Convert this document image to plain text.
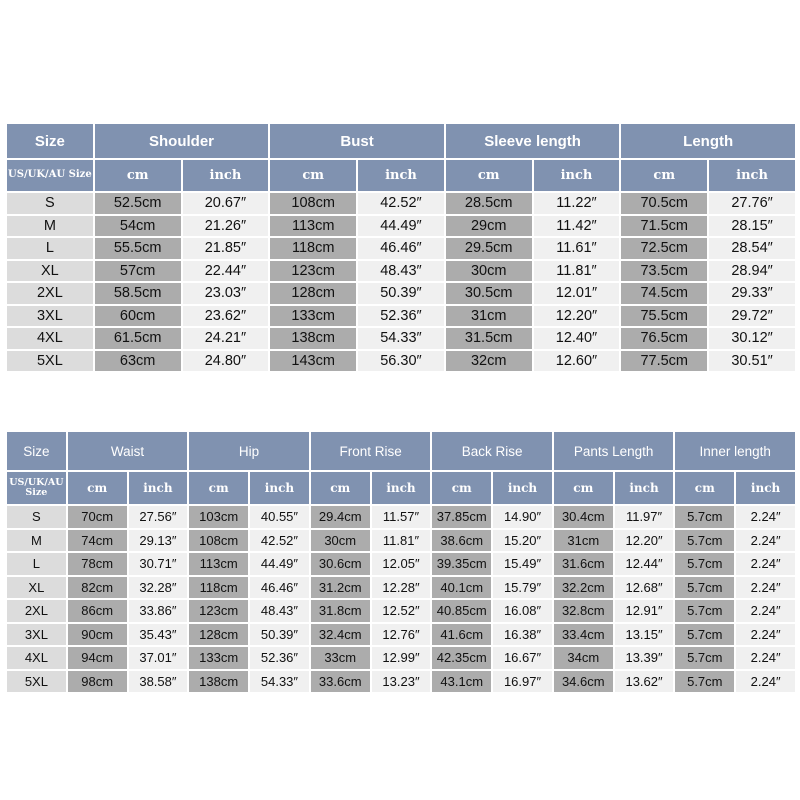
Size	Shoulder		Bust		Sleeve length		Length	
US/UK/AU Size	cm	inch	cm	inch	cm	inch	cm	inch
S	52.5cm	20.67″	108cm	42.52″	28.5cm	11.22″	70.5cm	27.76″
M	54cm	21.26″	113cm	44.49″	29cm	11.42″	71.5cm	28.15″
L	55.5cm	21.85″	118cm	46.46″	29.5cm	11.61″	72.5cm	28.54″
XL	57cm	22.44″	123cm	48.43″	30cm	11.81″	73.5cm	28.94″
2XL	58.5cm	23.03″	128cm	50.39″	30.5cm	12.01″	74.5cm	29.33″
3XL	60cm	23.62″	133cm	52.36″	31cm	12.20″	75.5cm	29.72″
4XL	61.5cm	24.21″	138cm	54.33″	31.5cm	12.40″	76.5cm	30.12″
5XL	63cm	24.80″	143cm	56.30″	32cm	12.60″	77.5cm	30.51″
Size	Waist		Hip		Front Rise		Back Rise		Pants Length		Inner length	
US/UK/AU Size	cm	inch	cm	inch	cm	inch	cm	inch	cm	inch	cm	inch
S	70cm	27.56″	103cm	40.55″	29.4cm	11.57″	37.85cm	14.90″	30.4cm	11.97″	5.7cm	2.24″
M	74cm	29.13″	108cm	42.52″	30cm	11.81″	38.6cm	15.20″	31cm	12.20″	5.7cm	2.24″
L	78cm	30.71″	113cm	44.49″	30.6cm	12.05″	39.35cm	15.49″	31.6cm	12.44″	5.7cm	2.24″
XL	82cm	32.28″	118cm	46.46″	31.2cm	12.28″	40.1cm	15.79″	32.2cm	12.68″	5.7cm	2.24″
2XL	86cm	33.86″	123cm	48.43″	31.8cm	12.52″	40.85cm	16.08″	32.8cm	12.91″	5.7cm	2.24″
3XL	90cm	35.43″	128cm	50.39″	32.4cm	12.76″	41.6cm	16.38″	33.4cm	13.15″	5.7cm	2.24″
4XL	94cm	37.01″	133cm	52.36″	33cm	12.99″	42.35cm	16.67″	34cm	13.39″	5.7cm	2.24″
5XL	98cm	38.58″	138cm	54.33″	33.6cm	13.23″	43.1cm	16.97″	34.6cm	13.62″	5.7cm	2.24″
